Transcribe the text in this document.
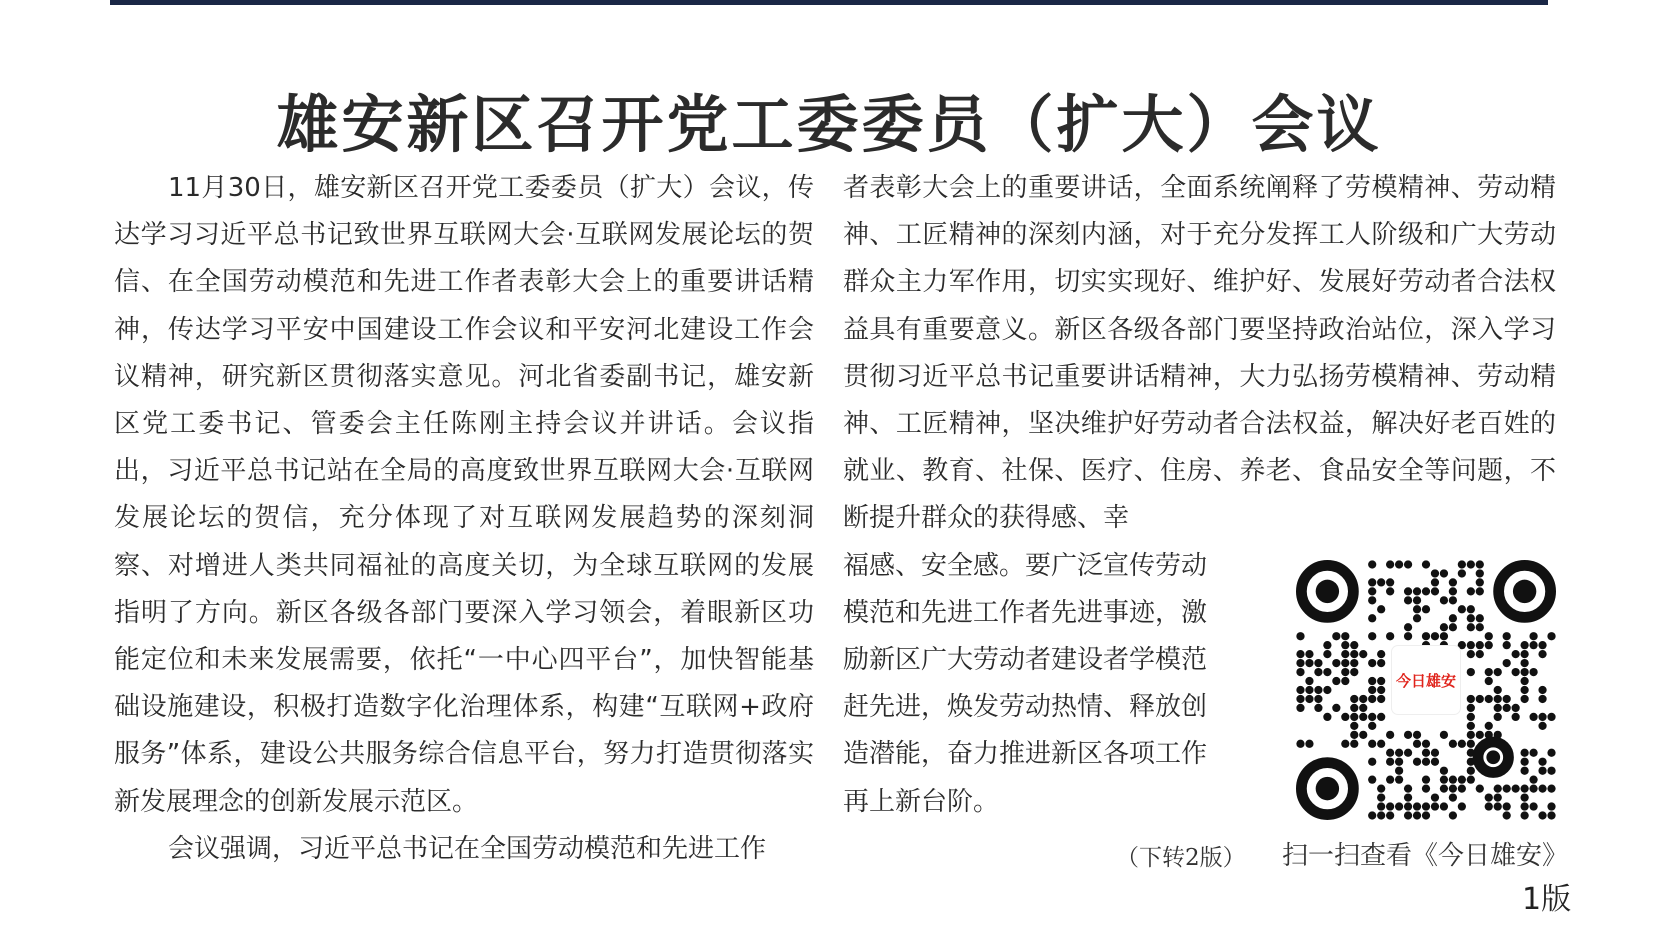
雄安新区召开党工委委员（扩大）会议

11月30日，雄安新区召开党工委委员（扩大）会议，传达学习习近平总书记致世界互联网大会·互联网发展论坛的贺信、在全国劳动模范和先进工作者表彰大会上的重要讲话精神，传达学习平安中国建设工作会议和平安河北建设工作会议精神，研究新区贯彻落实意见。河北省委副书记，雄安新区党工委书记、管委会主任陈刚主持会议并讲话。会议指出，习近平总书记站在全局的高度致世界互联网大会·互联网发展论坛的贺信，充分体现了对互联网发展趋势的深刻洞察、对增进人类共同福祉的高度关切，为全球互联网的发展指明了方向。新区各级各部门要深入学习领会，着眼新区功能定位和未来发展需要，依托“一中心四平台”，加快智能基础设施建设，积极打造数字化治理体系，构建“互联网+政府服务”体系，建设公共服务综合信息平台，努力打造贯彻落实新发展理念的创新发展示范区。

会议强调，习近平总书记在全国劳动模范和先进工作

者表彰大会上的重要讲话，全面系统阐释了劳模精神、劳动精神、工匠精神的深刻内涵，对于充分发挥工人阶级和广大劳动群众主力军作用，切实实现好、维护好、发展好劳动者合法权益具有重要意义。新区各级各部门要坚持政治站位，深入学习贯彻习近平总书记重要讲话精神，大力弘扬劳模精神、劳动精神、工匠精神，坚决维护好劳动者合法权益，解决好老百姓的就业、教育、社保、医疗、住房、养老、食品安全等问题，不断提升群众的获得感、幸

福感、安全感。要广泛宣传劳动
模范和先进工作者先进事迹，激
励新区广大劳动者建设者学模范
赶先进，焕发劳动热情、释放创
造潜能，奋力推进新区各项工作
再上新台阶。
今日雄安
（下转2版） 扫一扫查看《今日雄安》
1版
